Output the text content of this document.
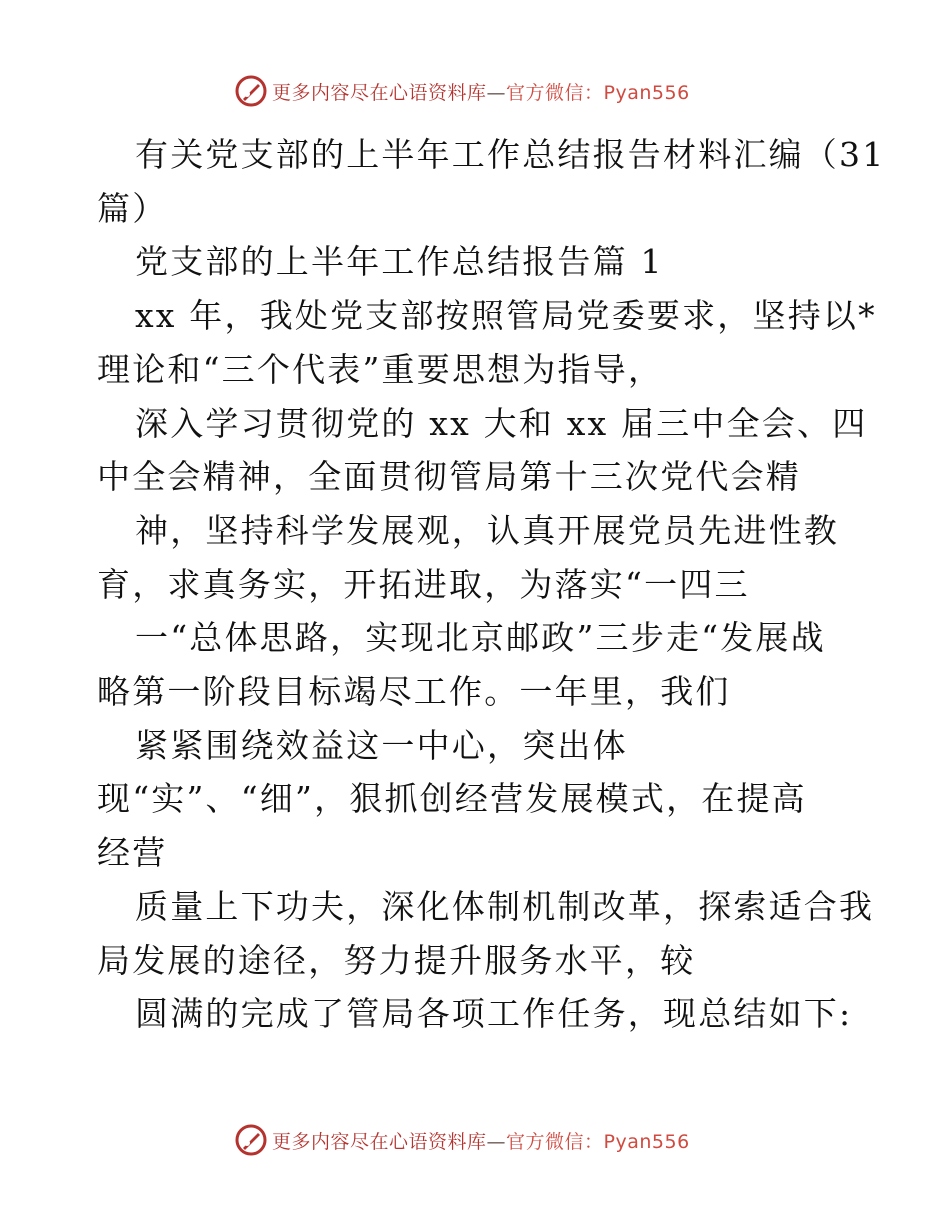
更多内容尽在心语资料库—官方微信：Pyan556

有关党支部的上半年工作总结报告材料汇编（31

篇）

党支部的上半年工作总结报告篇 1

xx 年，我处党支部按照管局党委要求，坚持以*

理论和“三个代表”重要思想为指导，

深入学习贯彻党的 xx 大和 xx 届三中全会、四

中全会精神，全面贯彻管局第十三次党代会精

神，坚持科学发展观，认真开展党员先进性教

育，求真务实，开拓进取，为落实“一四三

一“总体思路，实现北京邮政”三步走“发展战

略第一阶段目标竭尽工作。一年里，我们

紧紧围绕效益这一中心，突出体

现“实”、“细”，狠抓创经营发展模式，在提高

经营

质量上下功夫，深化体制机制改革，探索适合我

局发展的途径，努力提升服务水平，较

圆满的完成了管局各项工作任务，现总结如下:

更多内容尽在心语资料库—官方微信：Pyan556
